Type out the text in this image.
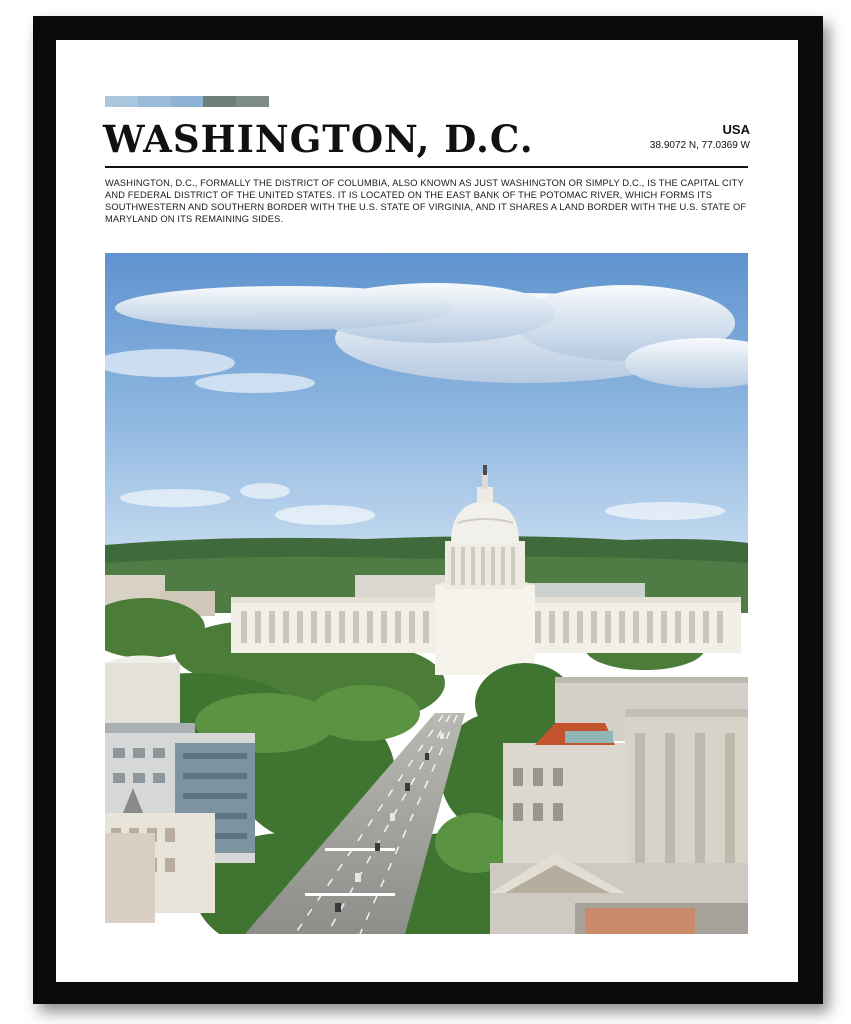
WASHINGTON, D.C.	USA
38.9072 N, 77.0369 W

WASHINGTON, D.C., FORMALLY THE DISTRICT OF COLUMBIA, ALSO KNOWN AS JUST WASHINGTON OR SIMPLY D.C., IS THE CAPITAL CITY AND FEDERAL DISTRICT OF THE UNITED STATES. IT IS LOCATED ON THE EAST BANK OF THE POTOMAC RIVER, WHICH FORMS ITS SOUTHWESTERN AND SOUTHERN BORDER WITH THE U.S. STATE OF VIRGINIA, AND IT SHARES A LAND BORDER WITH THE U.S. STATE OF MARYLAND ON ITS REMAINING SIDES.
